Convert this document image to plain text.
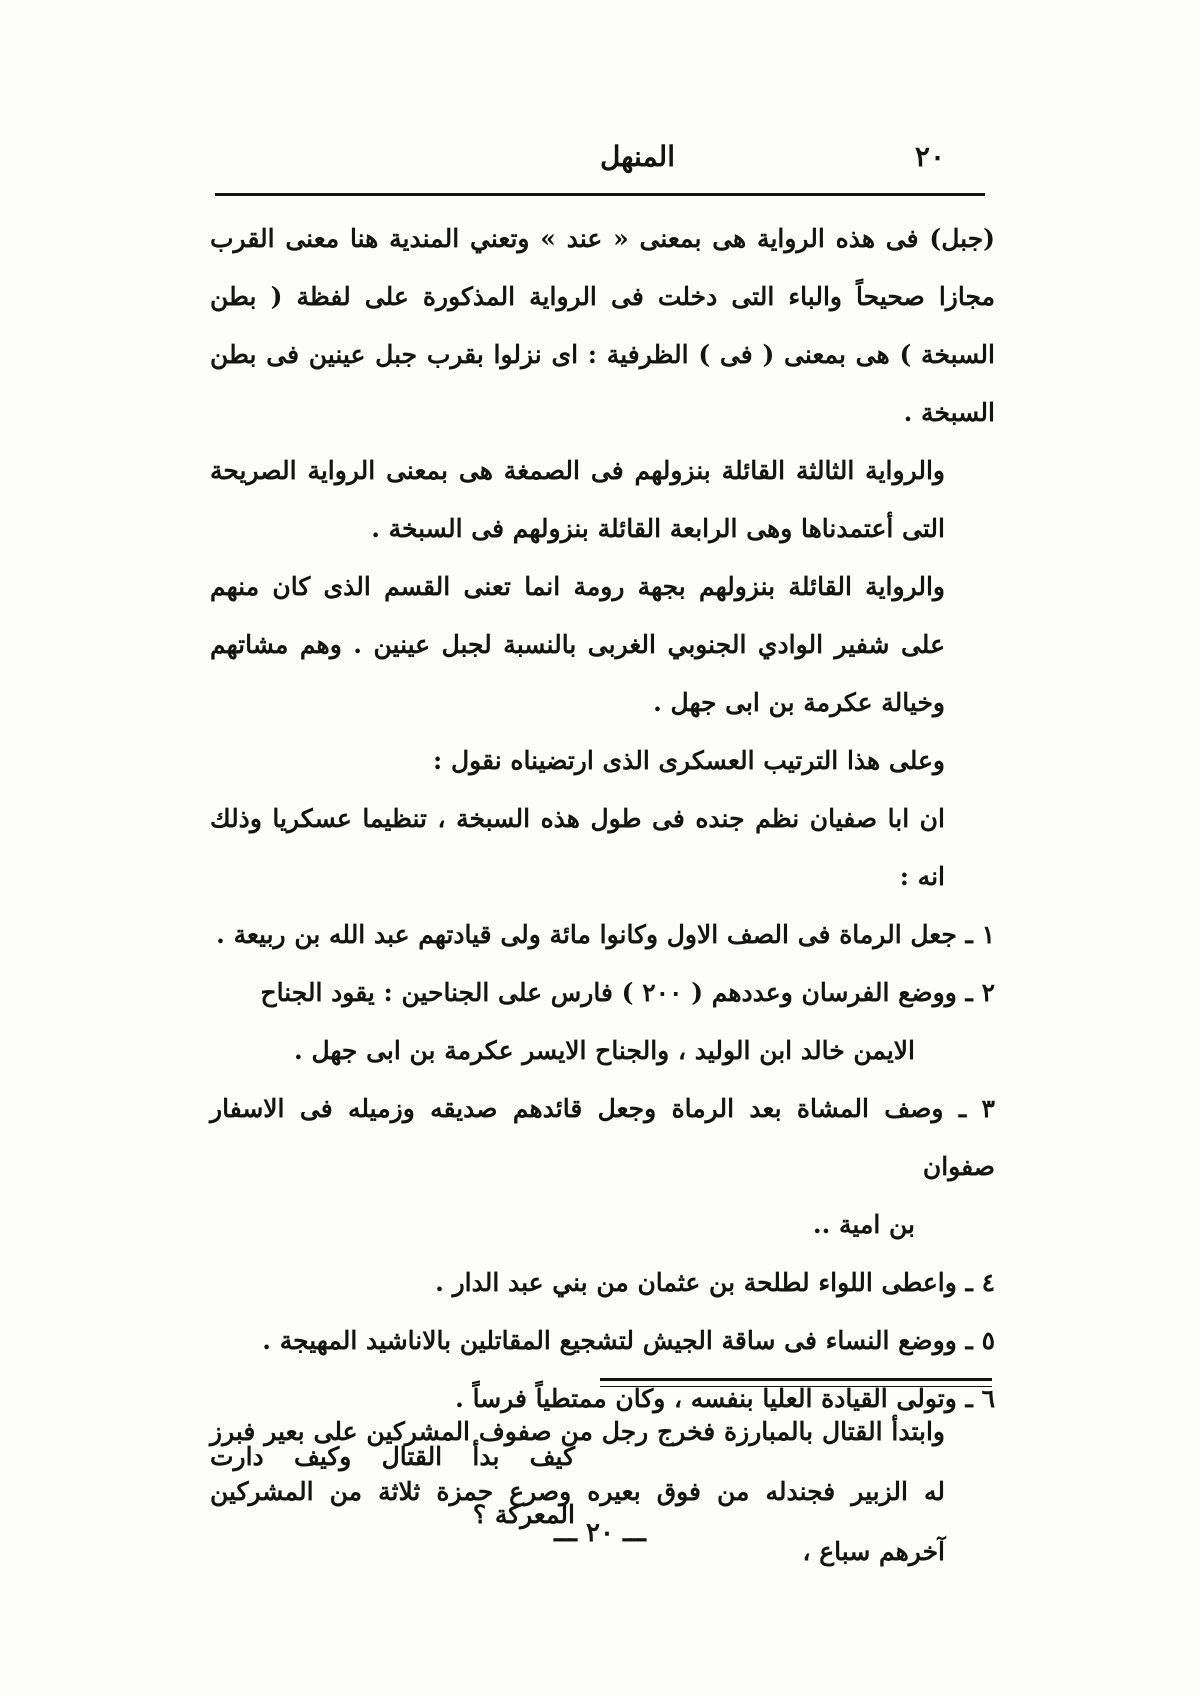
٢٠
المنهل

(جبل) فى هذه الرواية هى بمعنى « عند » وتعني المندية هنا معنى القرب مجازا صحيحاً والباء التى دخلت فى الرواية المذكورة على لفظة ( بطن السبخة ) هى بمعنى ( فى ) الظرفية : اى نزلوا بقرب جبل عينين فى بطن السبخة .

والرواية الثالثة القائلة بنزولهم فى الصمغة هى بمعنى الرواية الصريحة التى أعتمدناها وهى الرابعة القائلة بنزولهم فى السبخة .

والرواية القائلة بنزولهم بجهة رومة انما تعنى القسم الذى كان منهم على شفير الوادي الجنوبي الغربى بالنسبة لجبل عينين . وهم مشاتهم وخيالة عكرمة بن ابى جهل .

وعلى هذا الترتيب العسكرى الذى ارتضيناه نقول :

ان ابا صفيان نظم جنده فى طول هذه السبخة ، تنظيما عسكريا وذلك انه :

١ ـ جعل الرماة فى الصف الاول وكانوا مائة ولى قيادتهم عبد الله بن ربيعة .

٢ ـ ووضع الفرسان وعددهم ( ٢٠٠ ) فارس على الجناحين : يقود الجناح
الايمن خالد ابن الوليد ، والجناح الايسر عكرمة بن ابى جهل .

٣ ـ وصف المشاة بعد الرماة وجعل قائدهم صديقه وزميله فى الاسفار صفوان
بن امية ..

٤ ـ واعطى اللواء لطلحة بن عثمان من بني عبد الدار .

٥ ـ ووضع النساء فى ساقة الجيش لتشجيع المقاتلين بالاناشيد المهيجة .

٦ ـ وتولى القيادة العليا بنفسه ، وكان ممتطياً فرساً .

كيف بدأ القتال وكيف دارت المعركة ؟

وابتدأ القتال بالمبارزة فخرج رجل من صفوف المشركين على بعير فبرز له الزبير فجندله من فوق بعيره وصرع حمزة ثلاثة من المشركين آخرهم سباع ،

ـــ ٢٠ ـــ
